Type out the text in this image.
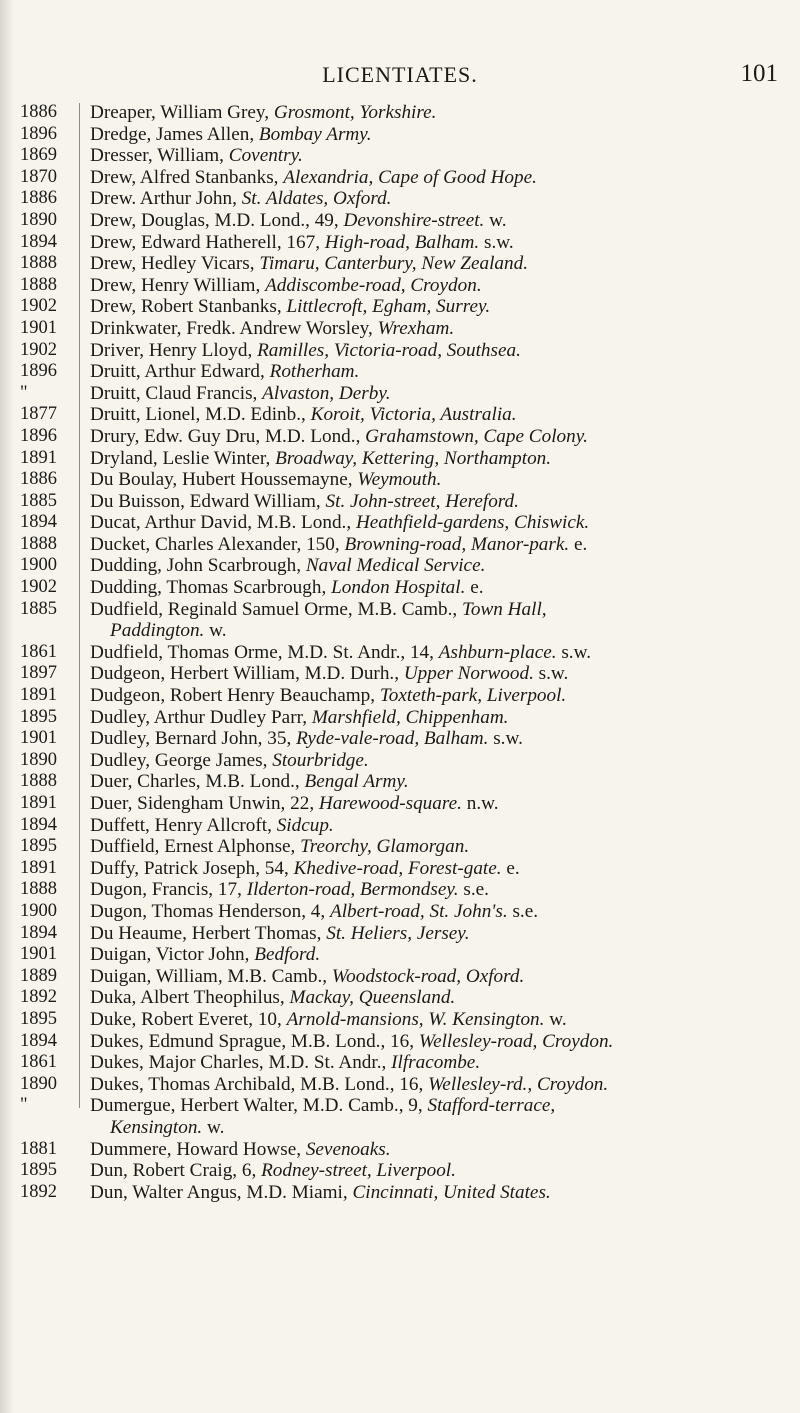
LICENTIATES.	101
1886 Dreaper, William Grey, Grosmont, Yorkshire.
1896 Dredge, James Allen, Bombay Army.
1869 Dresser, William, Coventry.
1870 Drew, Alfred Stanbanks, Alexandria, Cape of Good Hope.
1886 Drew. Arthur John, St. Aldates, Oxford.
1890 Drew, Douglas, M.D. Lond., 49, Devonshire-street. w.
1894 Drew, Edward Hatherell, 167, High-road, Balham. s.w.
1888 Drew, Hedley Vicars, Timaru, Canterbury, New Zealand.
1888 Drew, Henry William, Addiscombe-road, Croydon.
1902 Drew, Robert Stanbanks, Littlecroft, Egham, Surrey.
1901 Drinkwater, Fredk. Andrew Worsley, Wrexham.
1902 Driver, Henry Lloyd, Ramilles, Victoria-road, Southsea.
1896 Druitt, Arthur Edward, Rotherham.
"	Druitt, Claud Francis, Alvaston, Derby.
1877 Druitt, Lionel, M.D. Edinb., Koroit, Victoria, Australia.
1896 Drury, Edw. Guy Dru, M.D. Lond., Grahamstown, Cape Colony.
1891 Dryland, Leslie Winter, Broadway, Kettering, Northampton.
1886 Du Boulay, Hubert Houssemayne, Weymouth.
1885 Du Buisson, Edward William, St. John-street, Hereford.
1894 Ducat, Arthur David, M.B. Lond., Heathfield-gardens, Chiswick.
1888 Ducket, Charles Alexander, 150, Browning-road, Manor-park. e.
1900 Dudding, John Scarbrough, Naval Medical Service.
1902 Dudding, Thomas Scarbrough, London Hospital. e.
1885 Dudfield, Reginald Samuel Orme, M.B. Camb., Town Hall,
Paddington. w.
1861 Dudfield, Thomas Orme, M.D. St. Andr., 14, Ashburn-place. s.w.
1897 Dudgeon, Herbert William, M.D. Durh., Upper Norwood. s.w.
1891 Dudgeon, Robert Henry Beauchamp, Toxteth-park, Liverpool.
1895 Dudley, Arthur Dudley Parr, Marshfield, Chippenham.
1901 Dudley, Bernard John, 35, Ryde-vale-road, Balham. s.w.
1890 Dudley, George James, Stourbridge.
1888 Duer, Charles, M.B. Lond., Bengal Army.
1891 Duer, Sidengham Unwin, 22, Harewood-square. n.w.
1894 Duffett, Henry Allcroft, Sidcup.
1895 Duffield, Ernest Alphonse, Treorchy, Glamorgan.
1891 Duffy, Patrick Joseph, 54, Khedive-road, Forest-gate. e.
1888 Dugon, Francis, 17, Ilderton-road, Bermondsey. s.e.
1900 Dugon, Thomas Henderson, 4, Albert-road, St. John's. s.e.
1894 Du Heaume, Herbert Thomas, St. Heliers, Jersey.
1901 Duigan, Victor John, Bedford.
1889 Duigan, William, M.B. Camb., Woodstock-road, Oxford.
1892 Duka, Albert Theophilus, Mackay, Queensland.
1895 Duke, Robert Everet, 10, Arnold-mansions, W. Kensington. w.
1894 Dukes, Edmund Sprague, M.B. Lond., 16, Wellesley-road, Croydon.
1861 Dukes, Major Charles, M.D. St. Andr., Ilfracombe.
1890 Dukes, Thomas Archibald, M.B. Lond., 16, Wellesley-rd., Croydon.
"	Dumergue, Herbert Walter, M.D. Camb., 9, Stafford-terrace,
Kensington. w.
1881 Dummere, Howard Howse, Sevenoaks.
1895 Dun, Robert Craig, 6, Rodney-street, Liverpool.
1892 Dun, Walter Angus, M.D. Miami, Cincinnati, United States.
